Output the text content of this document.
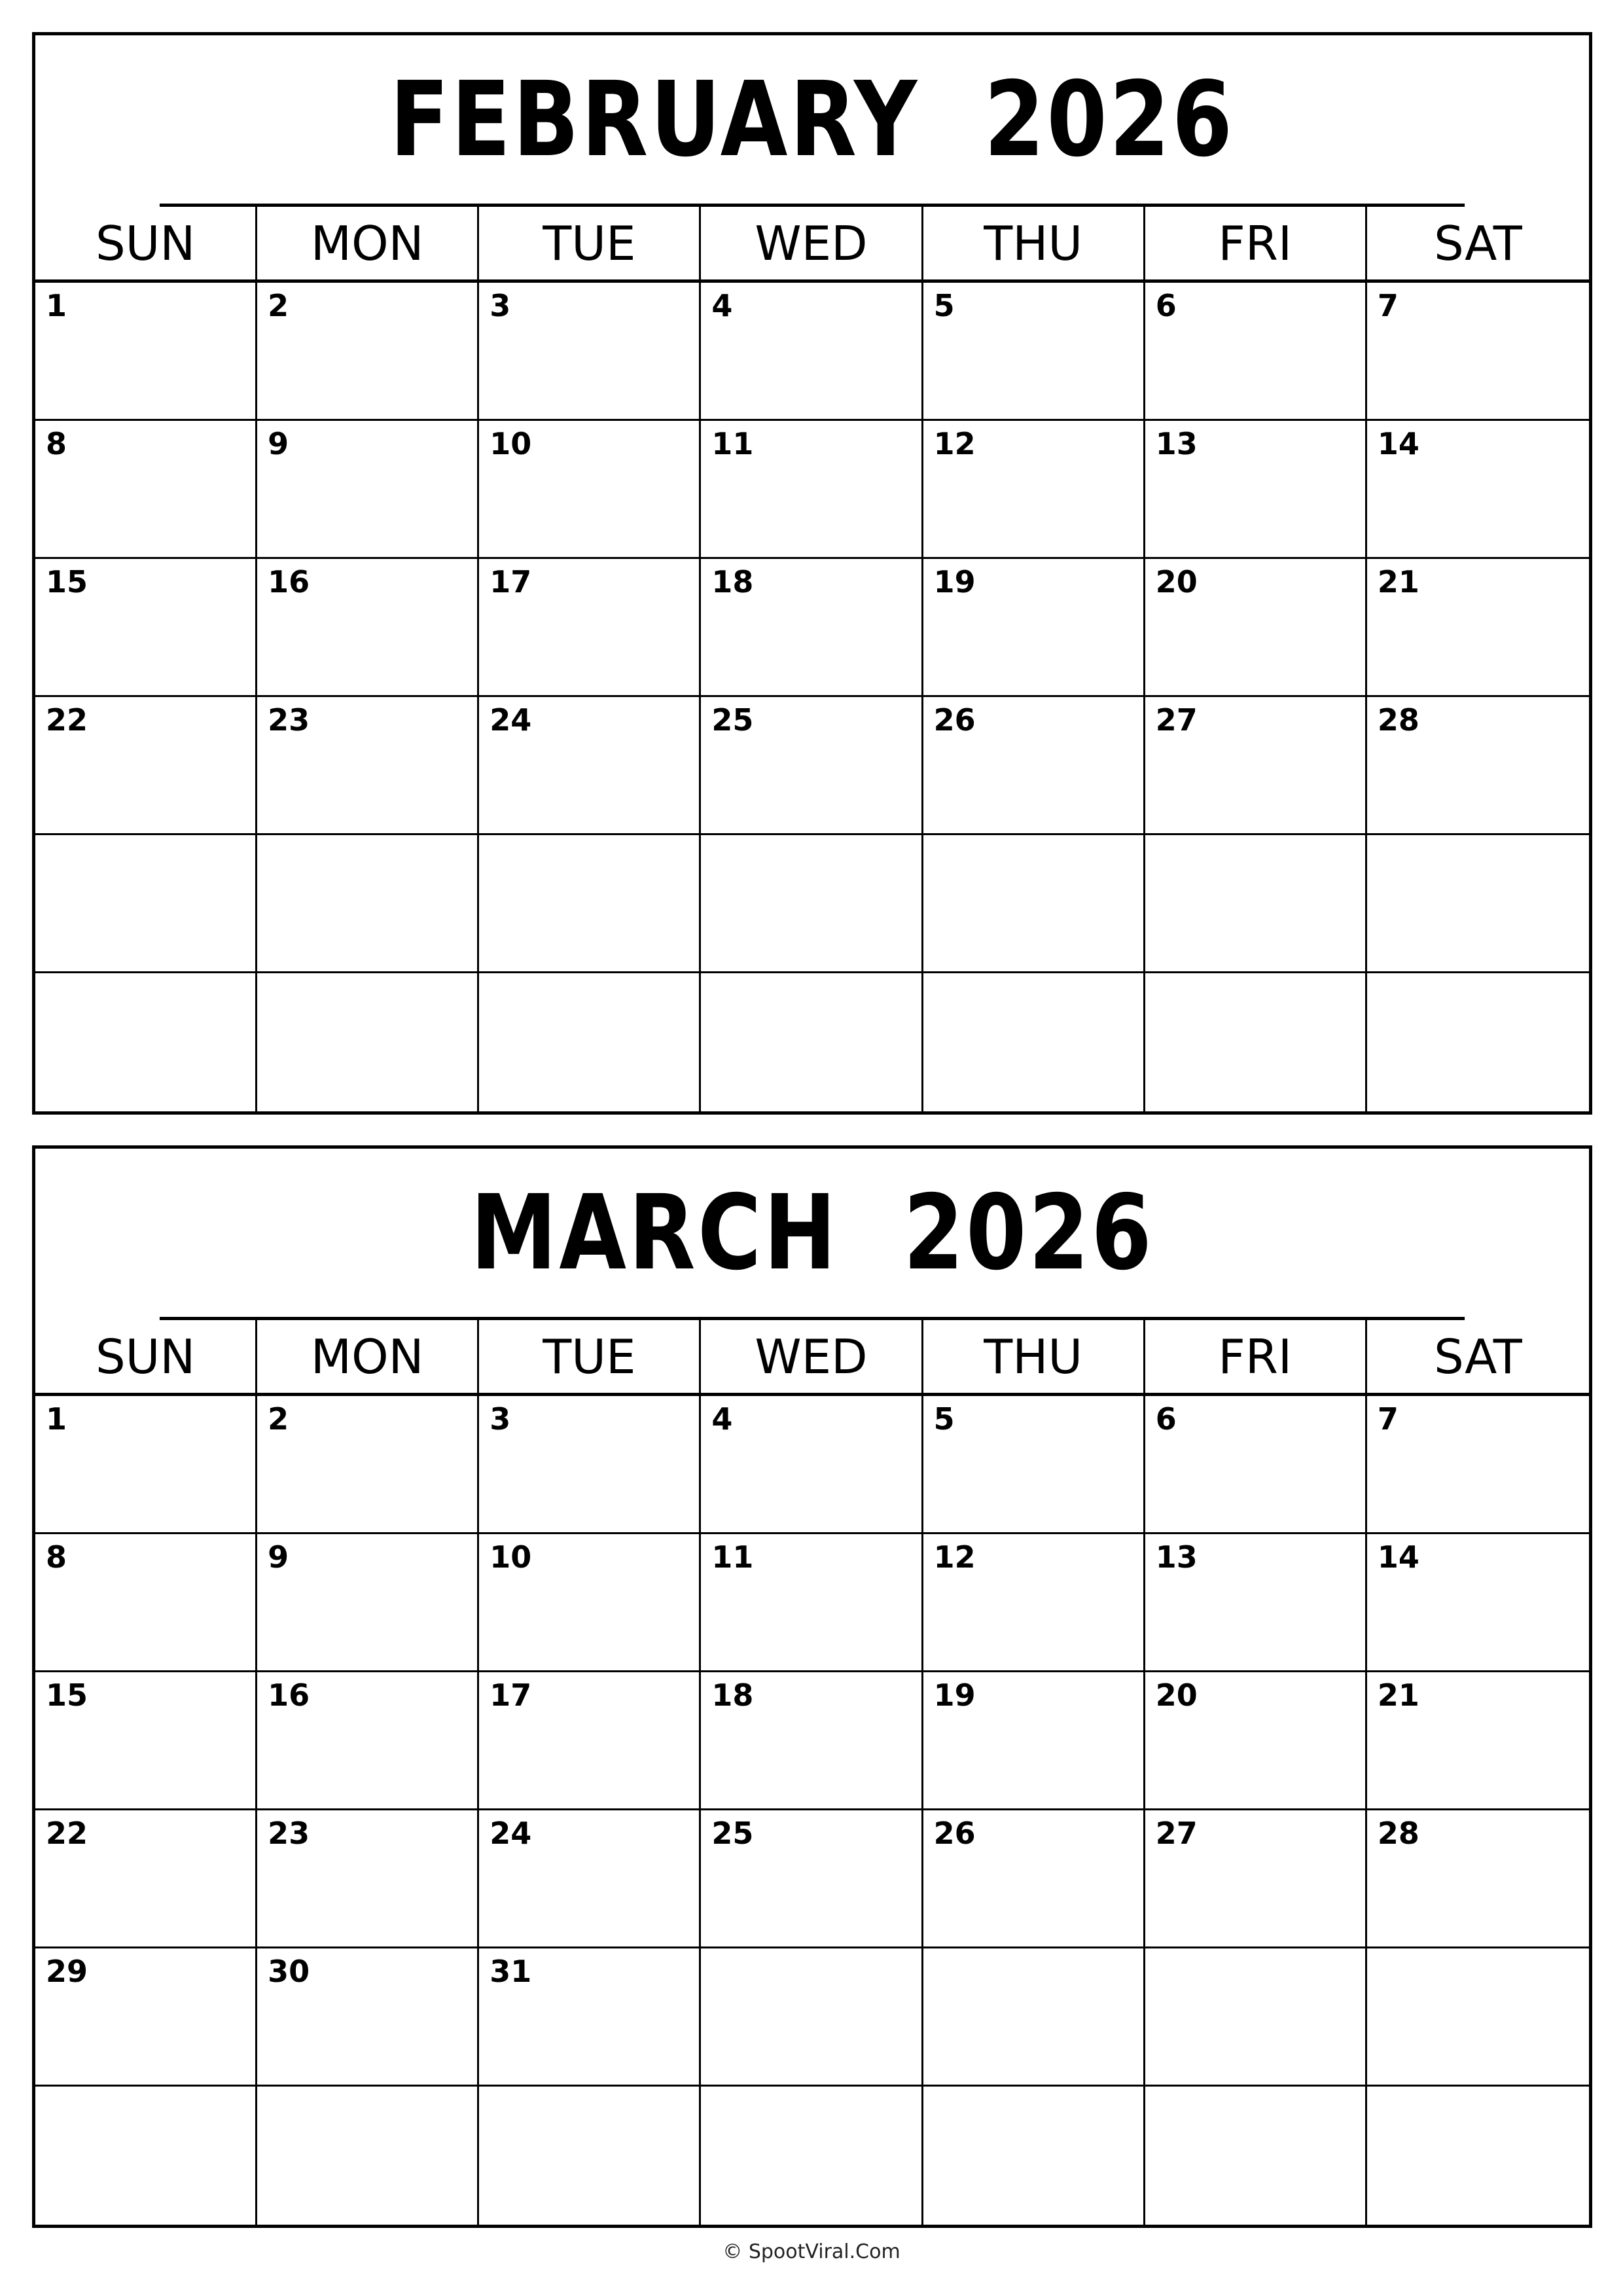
FEBRUARY  2026
SUN	MON	TUE	WED	THU	FRI	SAT
1	2	3	4	5	6	7
8	9	10	11	12	13	14
15	16	17	18	19	20	21
22	23	24	25	26	27	28
MARCH  2026
SUN	MON	TUE	WED	THU	FRI	SAT
1	2	3	4	5	6	7
8	9	10	11	12	13	14
15	16	17	18	19	20	21
22	23	24	25	26	27	28
29	30	31
© SpootViral.Com
